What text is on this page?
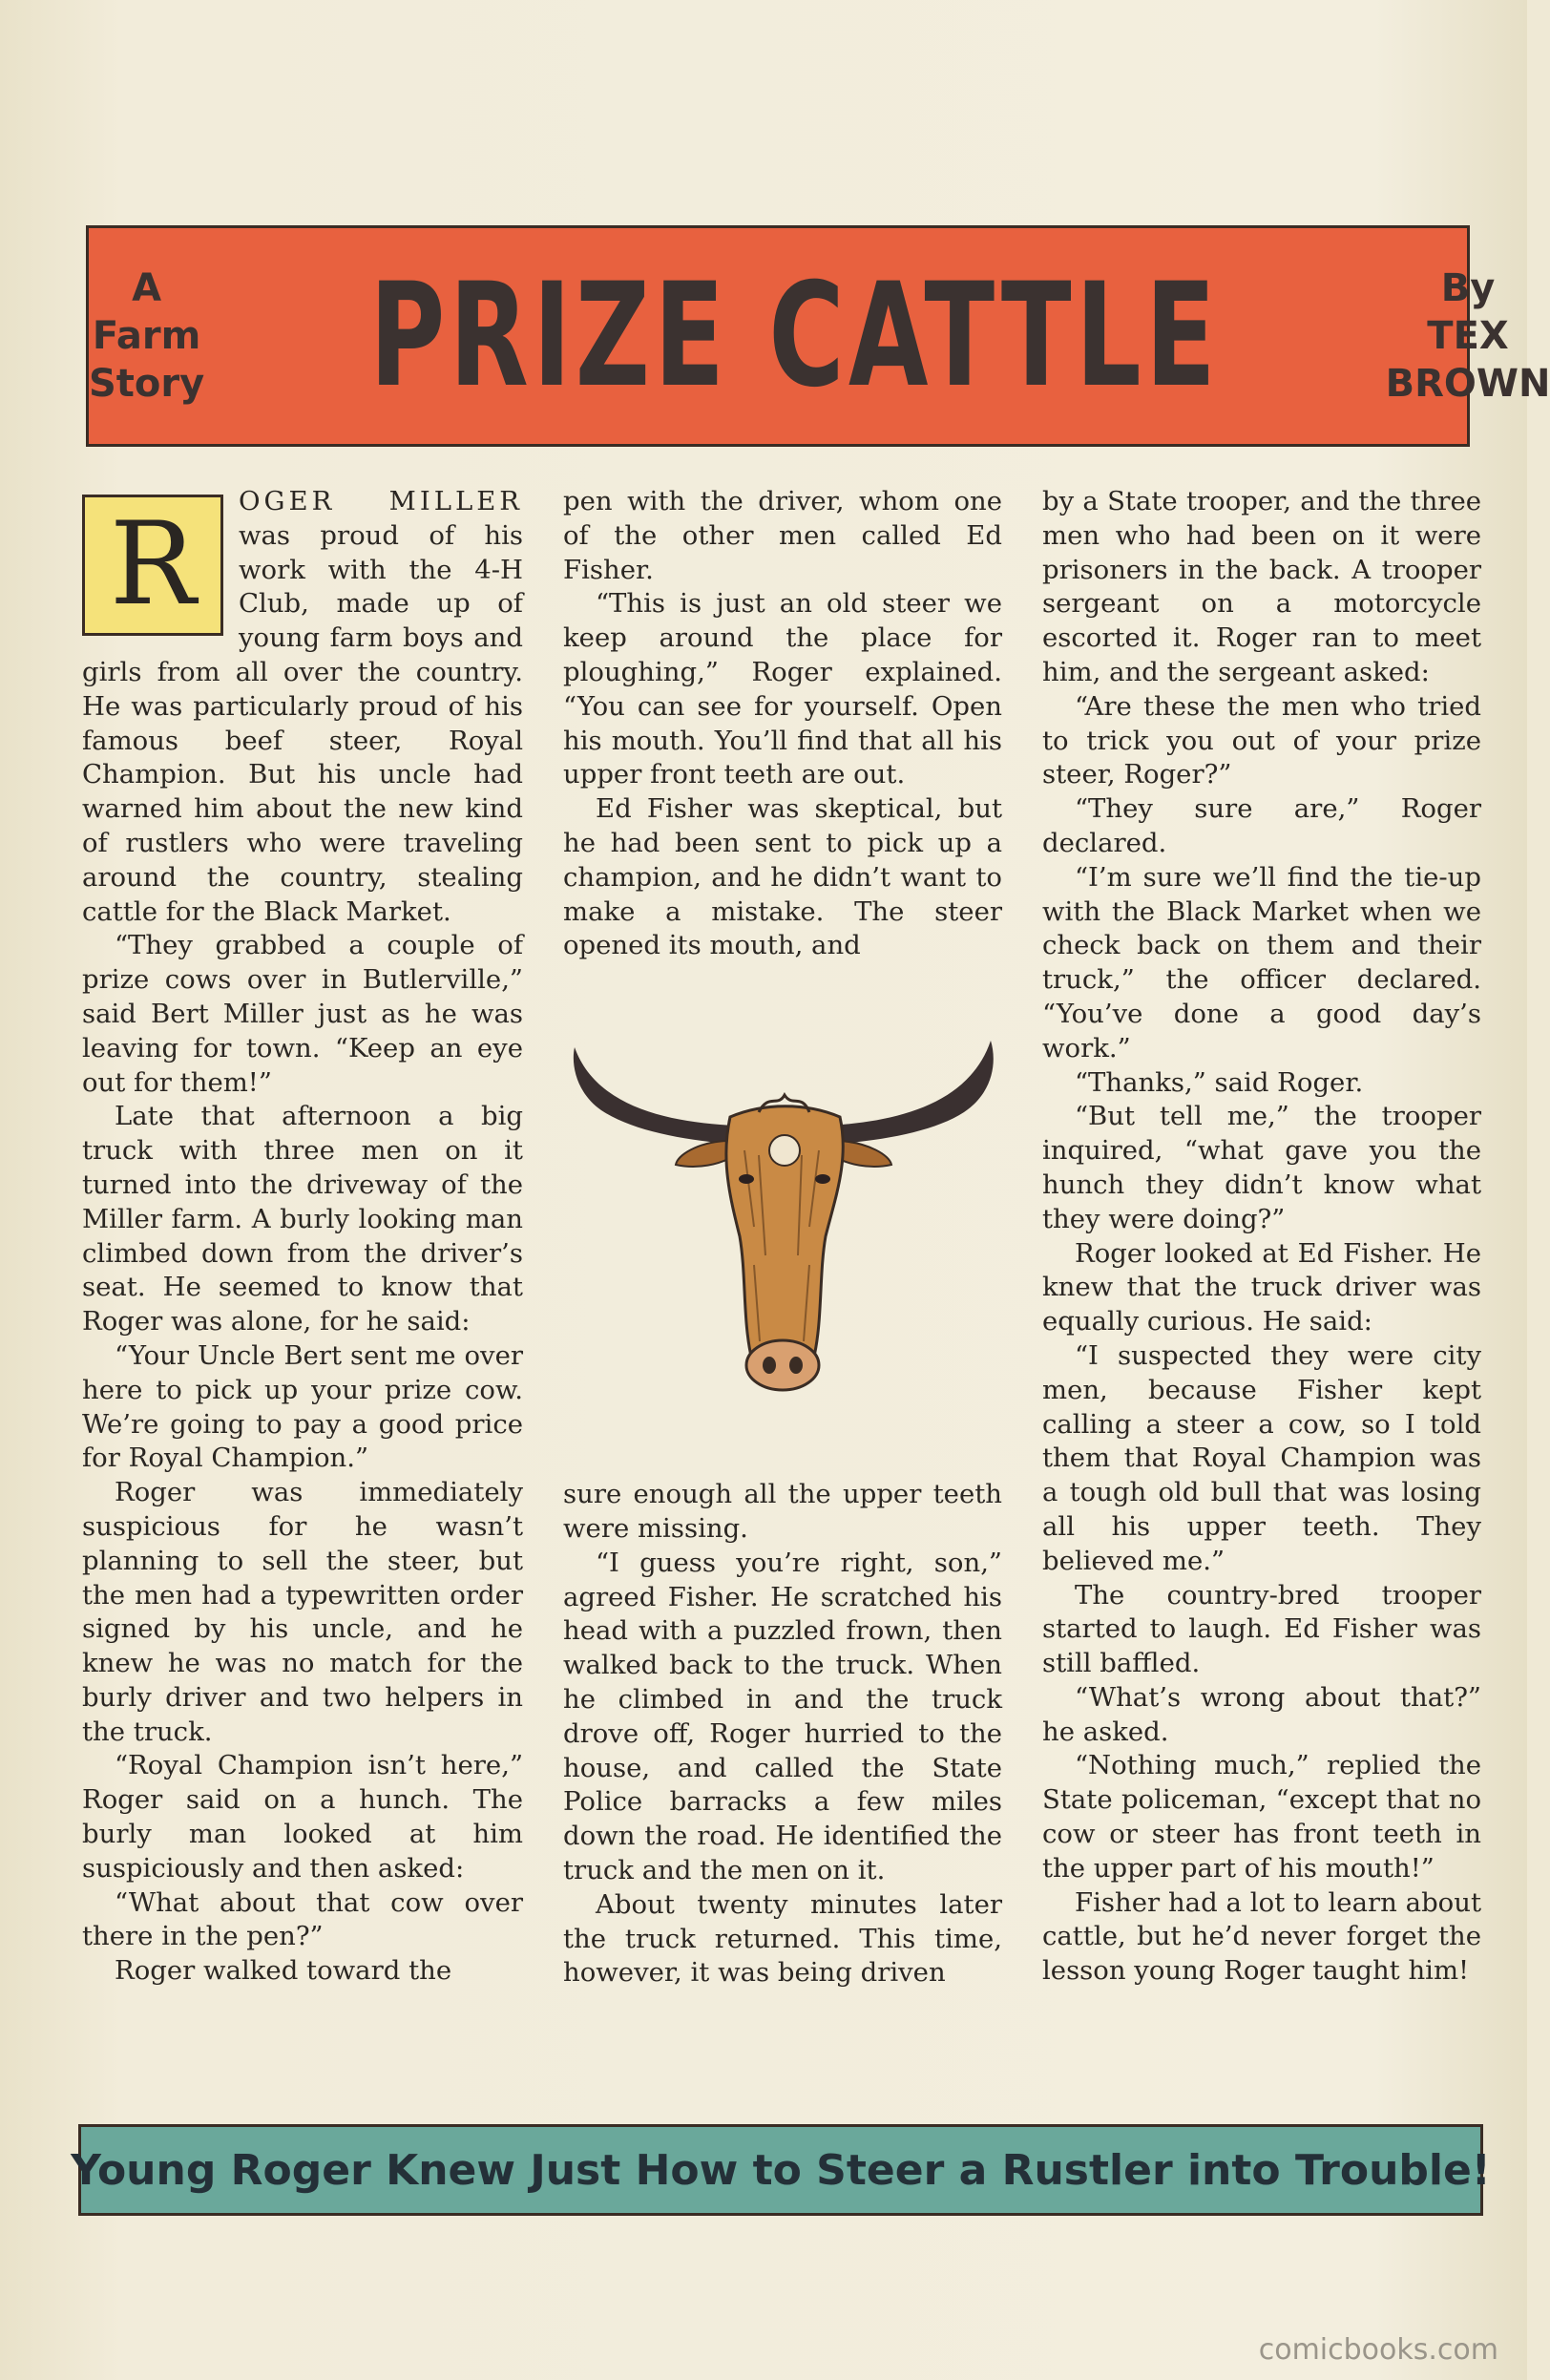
A
Farm
Story PRIZE CATTLE	By
TEX
BROWN

R	OGER MILLER was proud of his work with the 4-H Club, made up of young farm boys and girls from all over the country. He was particularly proud of his famous beef steer, Royal Champion. But his uncle had warned him about the new kind of rustlers who were traveling around the country, stealing cattle for the Black Market.

“They grabbed a couple of prize cows over in Butlerville,” said Bert Miller just as he was leaving for town. “Keep an eye out for them!”

Late that afternoon a big truck with three men on it turned into the driveway of the Miller farm. A burly looking man climbed down from the driver’s seat. He seemed to know that Roger was alone, for he said:

“Your Uncle Bert sent me over here to pick up your prize cow. We’re going to pay a good price for Royal Champion.”

Roger was immediately suspicious for he wasn’t planning to sell the steer, but the men had a typewritten order signed by his uncle, and he knew he was no match for the burly driver and two helpers in the truck.

“Royal Champion isn’t here,” Roger said on a hunch. The burly man looked at him suspiciously and then asked:

“What about that cow over there in the pen?”

Roger walked toward the

pen with the driver, whom one of the other men called Ed Fisher.

“This is just an old steer we keep around the place for ploughing,” Roger explained. “You can see for yourself. Open his mouth. You’ll find that all his upper front teeth are out.

Ed Fisher was skeptical, but he had been sent to pick up a champion, and he didn’t want to make a mistake. The steer opened its mouth, and

sure enough all the upper teeth were missing.

“I guess you’re right, son,” agreed Fisher. He scratched his head with a puzzled frown, then walked back to the truck. When he climbed in and the truck drove off, Roger hurried to the house, and called the State Police barracks a few miles down the road. He identified the truck and the men on it.

About twenty minutes later the truck returned. This time, however, it was being driven

by a State trooper, and the three men who had been on it were prisoners in the back. A trooper sergeant on a motorcycle escorted it. Roger ran to meet him, and the sergeant asked:

“Are these the men who tried to trick you out of your prize steer, Roger?”

“They sure are,” Roger declared.

“I’m sure we’ll find the tie-up with the Black Market when we check back on them and their truck,” the officer declared. “You’ve done a good day’s work.”

“Thanks,” said Roger.

“But tell me,” the trooper inquired, “what gave you the hunch they didn’t know what they were doing?”

Roger looked at Ed Fisher. He knew that the truck driver was equally curious. He said:

“I suspected they were city men, because Fisher kept calling a steer a cow, so I told them that Royal Champion was a tough old bull that was losing all his upper teeth. They believed me.”

The country-bred trooper started to laugh. Ed Fisher was still baffled.

“What’s wrong about that?” he asked.

“Nothing much,” replied the State policeman, “except that no cow or steer has front teeth in the upper part of his mouth!”

Fisher had a lot to learn about cattle, but he’d never forget the lesson young Roger taught him!

Young Roger Knew Just How to Steer a Rustler into Trouble!
comicbooks.com
